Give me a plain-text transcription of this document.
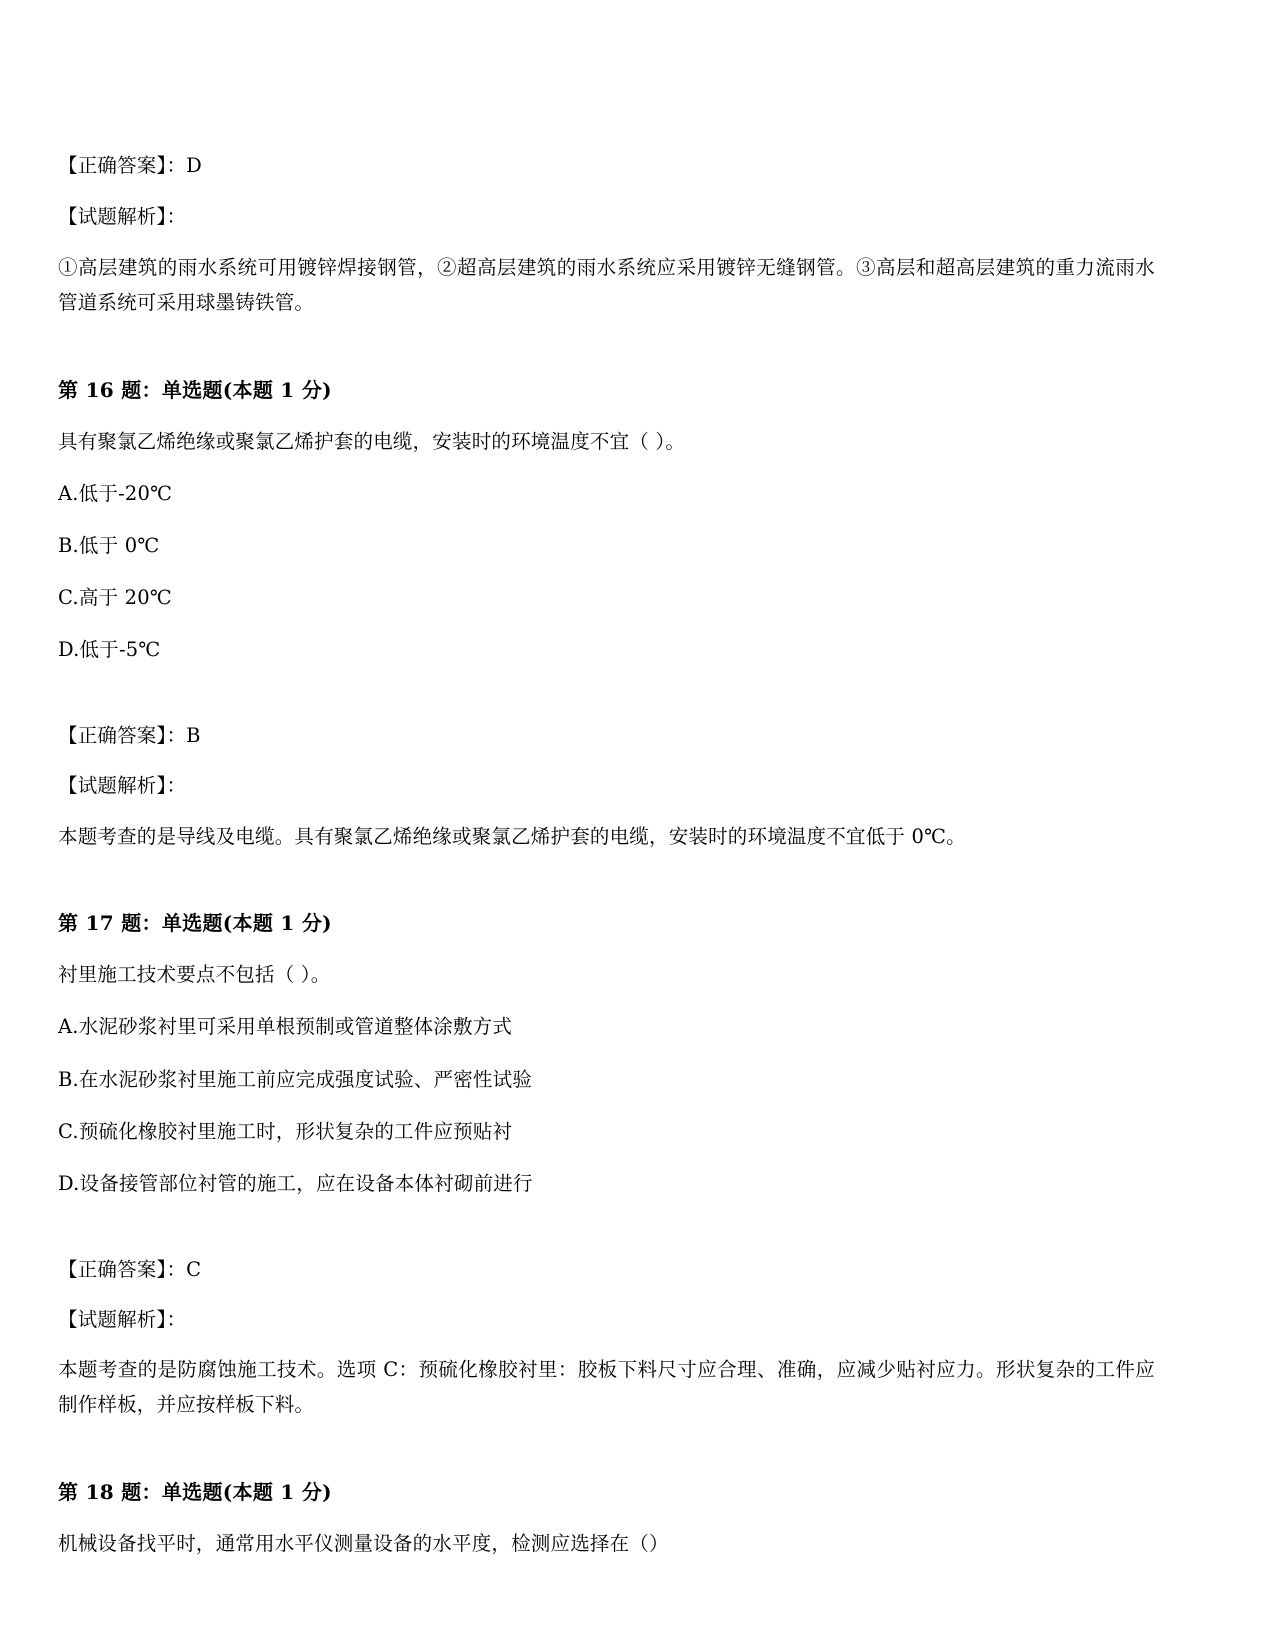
【正确答案】：D
【试题解析】：
①高层建筑的雨水系统可用镀锌焊接钢管，②超高层建筑的雨水系统应采用镀锌无缝钢管。③高层和超高层建筑的重力流雨水管道系统可采用球墨铸铁管。
第 16 题：单选题(本题 1 分)
具有聚氯乙烯绝缘或聚氯乙烯护套的电缆，安装时的环境温度不宜（ ）。
A.低于-20℃
B.低于 0℃
C.高于 20℃
D.低于-5℃
【正确答案】：B
【试题解析】：
本题考查的是导线及电缆。具有聚氯乙烯绝缘或聚氯乙烯护套的电缆，安装时的环境温度不宜低于 0℃。
第 17 题：单选题(本题 1 分)
衬里施工技术要点不包括（ ）。
A.水泥砂浆衬里可采用单根预制或管道整体涂敷方式
B.在水泥砂浆衬里施工前应完成强度试验、严密性试验
C.预硫化橡胶衬里施工时，形状复杂的工件应预贴衬
D.设备接管部位衬管的施工，应在设备本体衬砌前进行
【正确答案】：C
【试题解析】：
本题考查的是防腐蚀施工技术。选项 C：预硫化橡胶衬里：胶板下料尺寸应合理、准确，应减少贴衬应力。形状复杂的工件应制作样板，并应按样板下料。
第 18 题：单选题(本题 1 分)
机械设备找平时，通常用水平仪测量设备的水平度，检测应选择在（）
